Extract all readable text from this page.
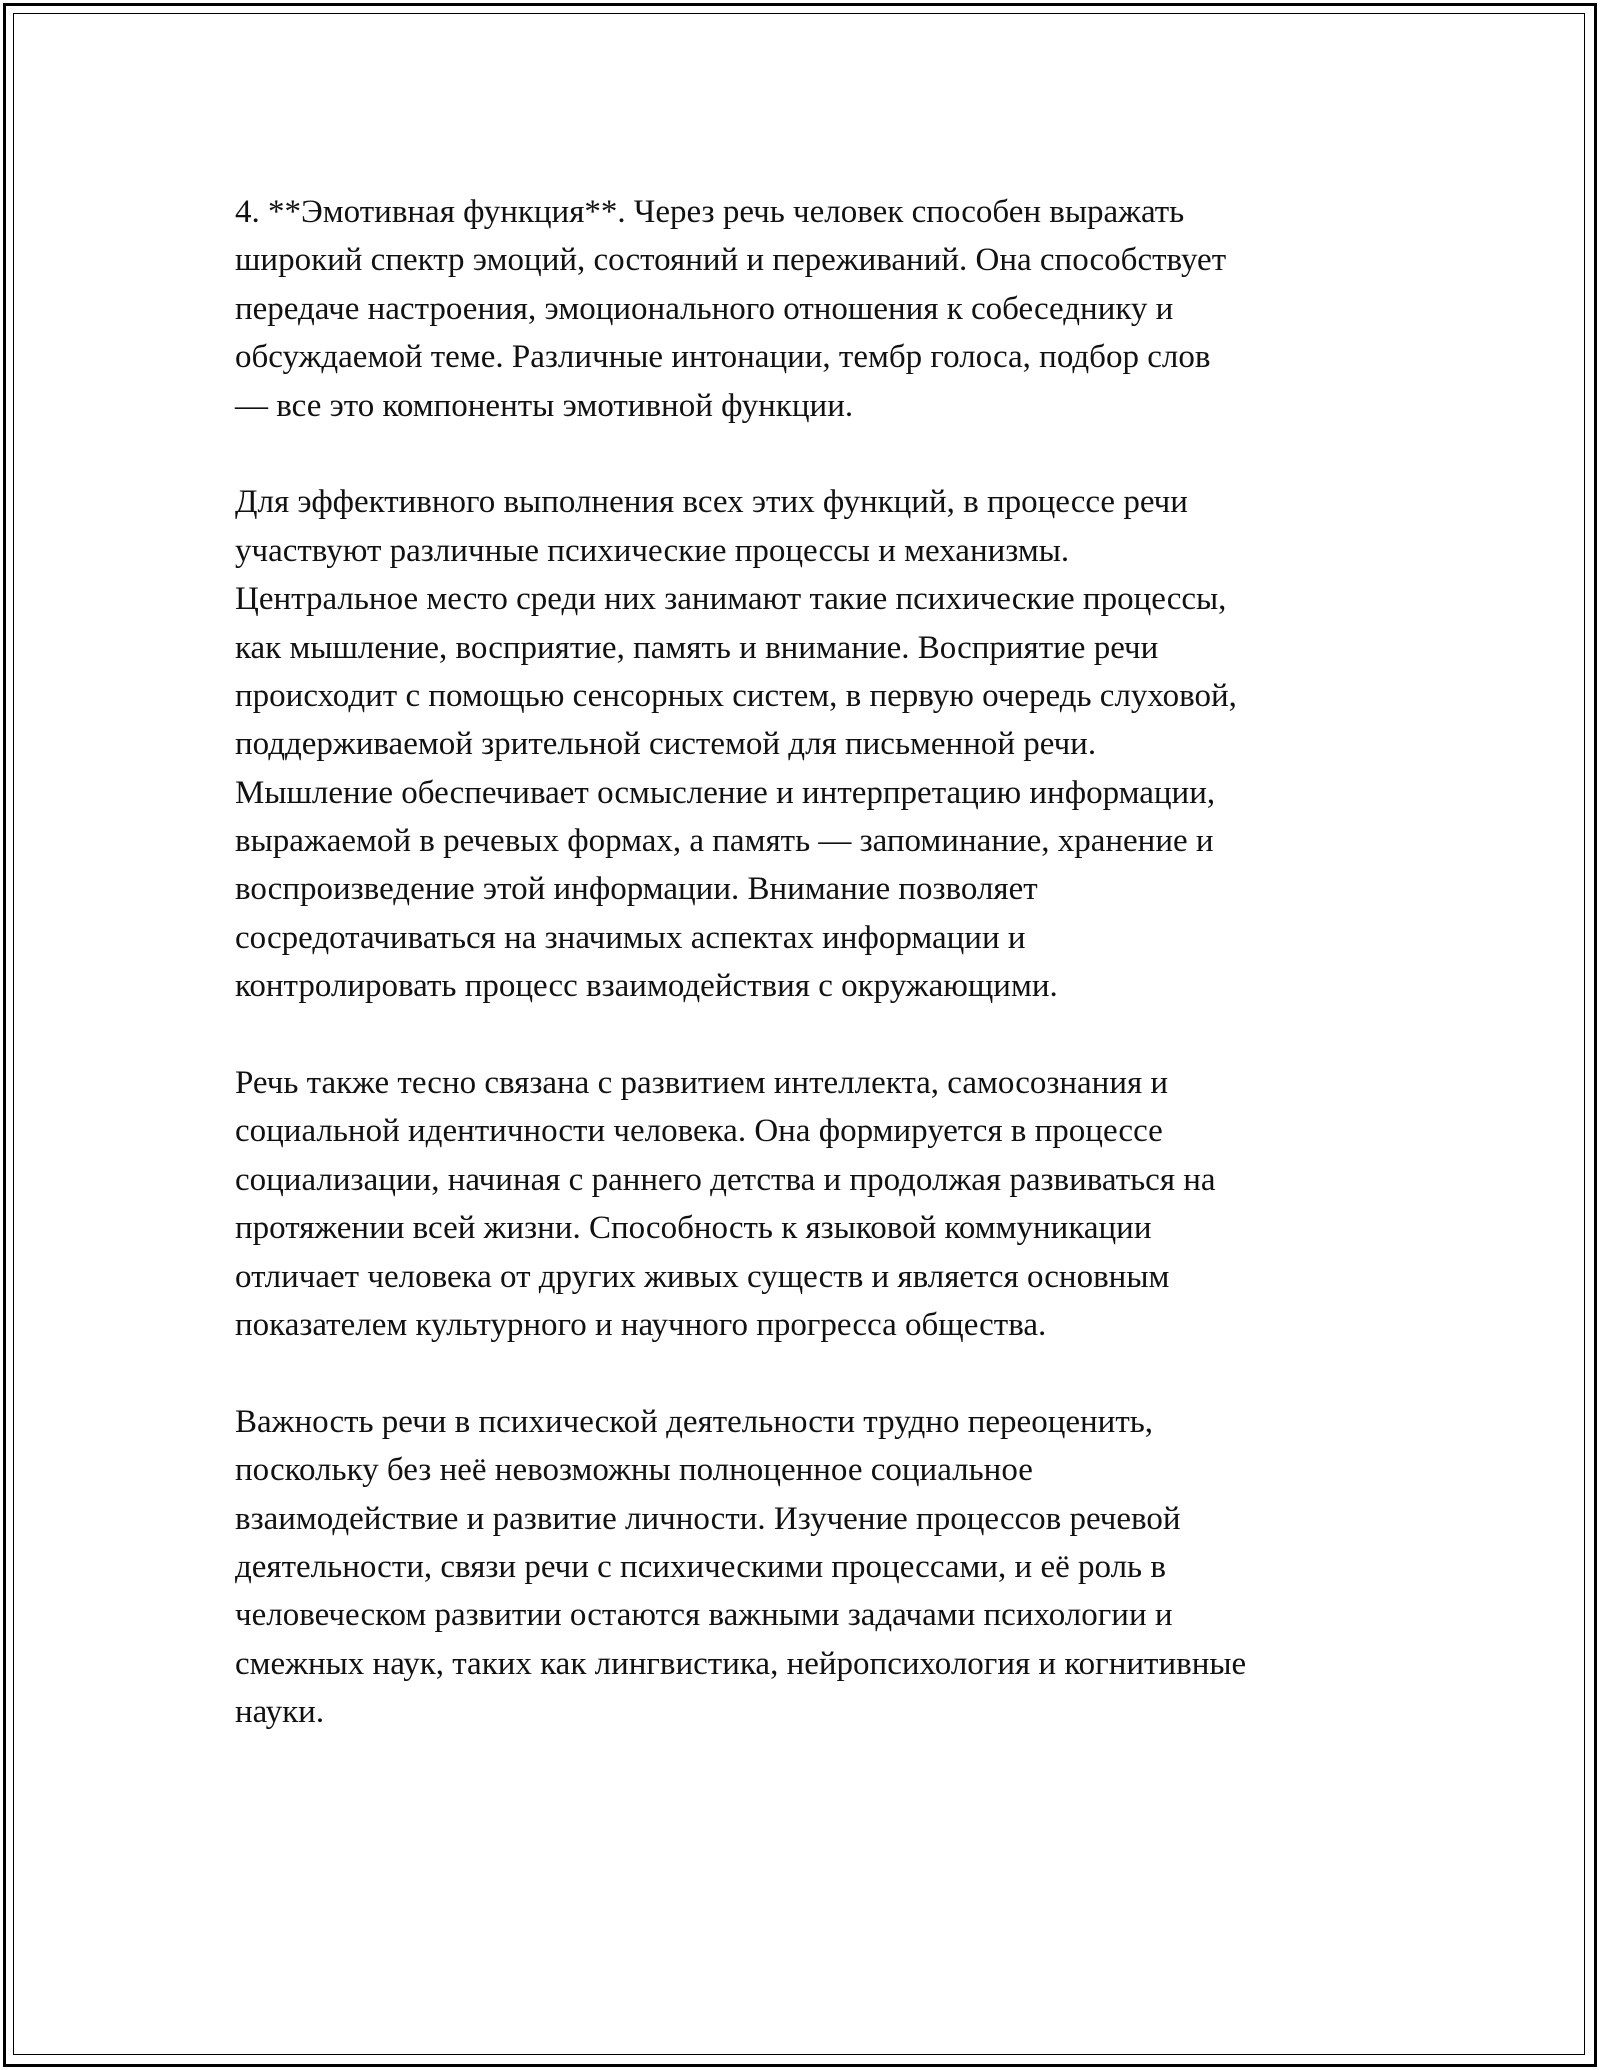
4. **Эмотивная функция**. Через речь человек способен выражать
широкий спектр эмоций, состояний и переживаний. Она способствует
передаче настроения, эмоционального отношения к собеседнику и
обсуждаемой теме. Различные интонации, тембр голоса, подбор слов
— все это компоненты эмотивной функции.

Для эффективного выполнения всех этих функций, в процессе речи
участвуют различные психические процессы и механизмы.
Центральное место среди них занимают такие психические процессы,
как мышление, восприятие, память и внимание. Восприятие речи
происходит с помощью сенсорных систем, в первую очередь слуховой,
поддерживаемой зрительной системой для письменной речи.
Мышление обеспечивает осмысление и интерпретацию информации,
выражаемой в речевых формах, а память — запоминание, хранение и
воспроизведение этой информации. Внимание позволяет
сосредотачиваться на значимых аспектах информации и
контролировать процесс взаимодействия с окружающими.

Речь также тесно связана с развитием интеллекта, самосознания и
социальной идентичности человека. Она формируется в процессе
социализации, начиная с раннего детства и продолжая развиваться на
протяжении всей жизни. Способность к языковой коммуникации
отличает человека от других живых существ и является основным
показателем культурного и научного прогресса общества.

Важность речи в психической деятельности трудно переоценить,
поскольку без неё невозможны полноценное социальное
взаимодействие и развитие личности. Изучение процессов речевой
деятельности, связи речи с психическими процессами, и её роль в
человеческом развитии остаются важными задачами психологии и
смежных наук, таких как лингвистика, нейропсихология и когнитивные
науки.
